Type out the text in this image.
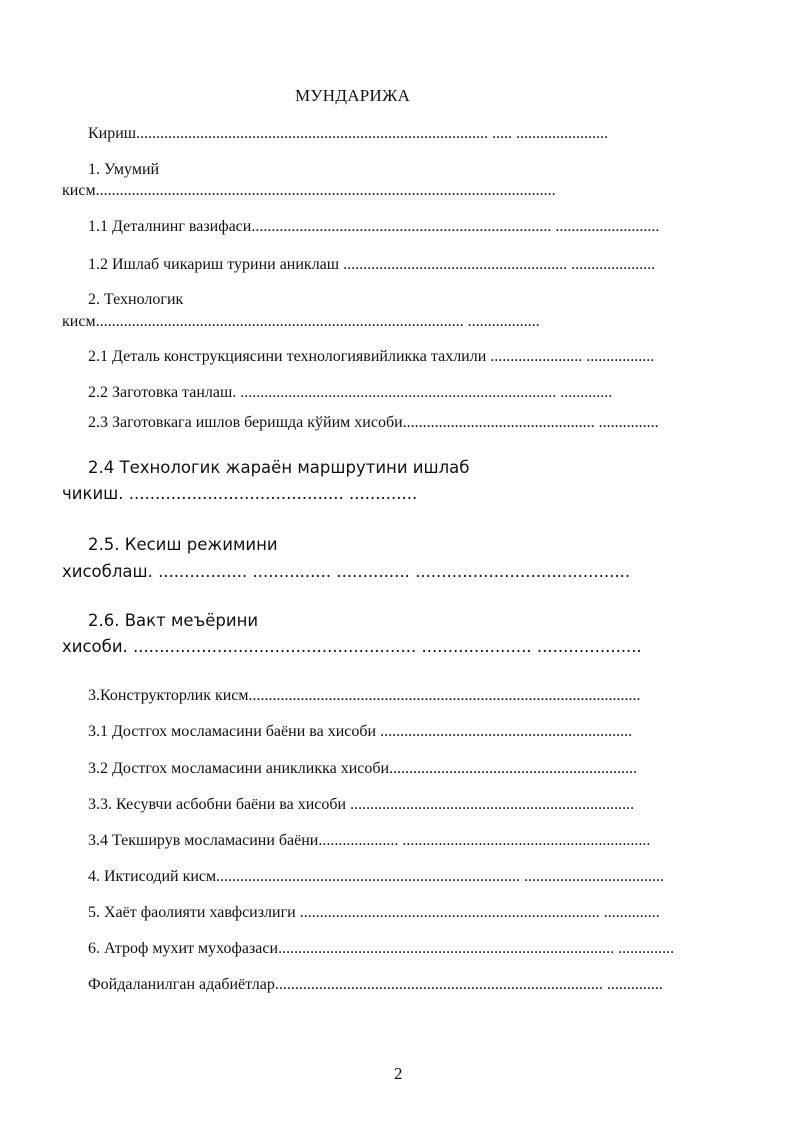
МУНДАРИЖА
Кириш........................................................................................ ..... .......................
1. Умумий
кисм...................................................................................................................
1.1 Деталнинг вазифаси........................................................................... ..........................
1.2 Ишлаб чикариш турини аниклаш ........................................................ .....................
2. Технологик
кисм............................................................................................ ..................
2.1 Деталь конструкциясини технологиявийликка тахлили ....................... .................
2.2 Заготовка танлаш. ............................................................................... .............
2.3 Заготовкага ишлов беришда кўйим хисоби................................................ ...............
2.4 Технологик жараён маршрутини ишлаб
чикиш. ......................................... .............
2.5. Кесиш режимини
хисоблаш. ................. ............... .............. .........................................
2.6. Вакт меъёрини
хисоби. ...................................................... ..................... ....................
3.Конструкторлик кисм..................................................................................................
3.1 Достгох мосламасини баёни ва хисоби ...............................................................
3.2 Достгох мосламасини аникликка хисоби..............................................................
3.3. Кесувчи асбобни баёни ва хисоби .......................................................................
3.4 Текширув мосламасини баёни.................... ..............................................................
4. Иктисодий кисм............................................................................ ...................................
5. Хаёт фаолияти хавфсизлиги ........................................................................... ..............
6. Атроф мухит мухофазаси.................................................................................... ..............
Фойдаланилган адабиётлар.................................................................................. ..............
2
